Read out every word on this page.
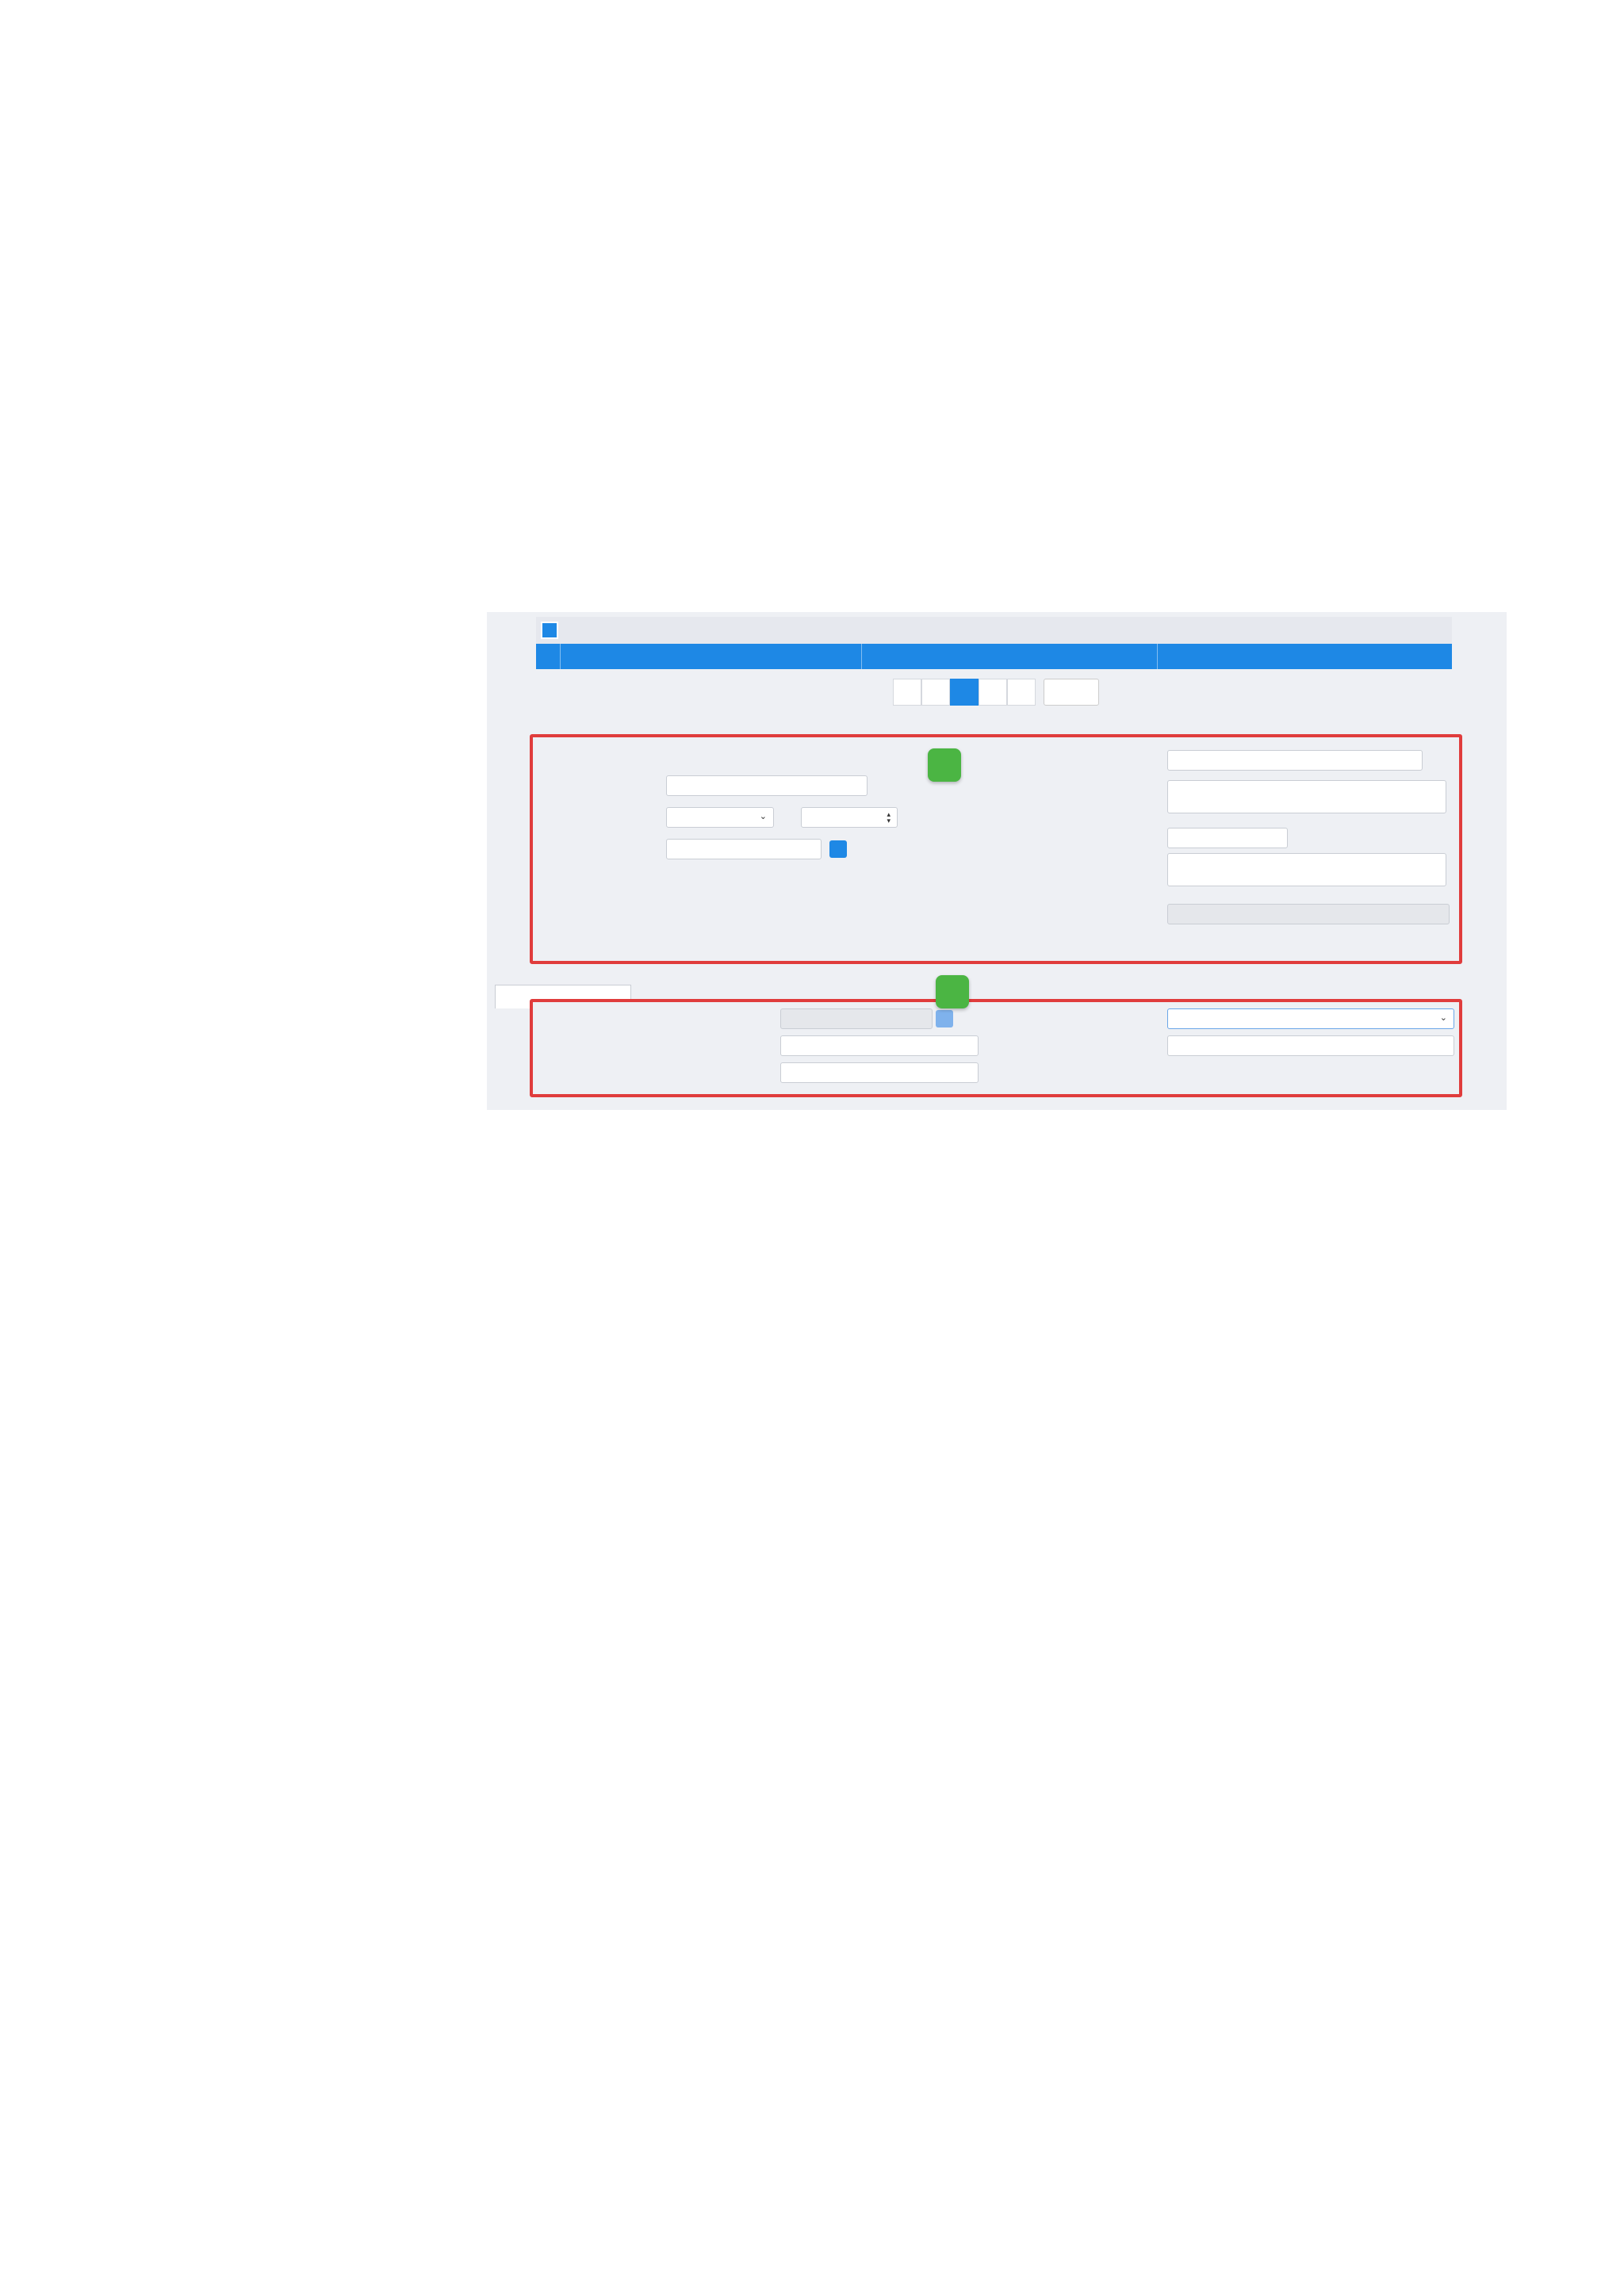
⌄	▴
▾
⌄
